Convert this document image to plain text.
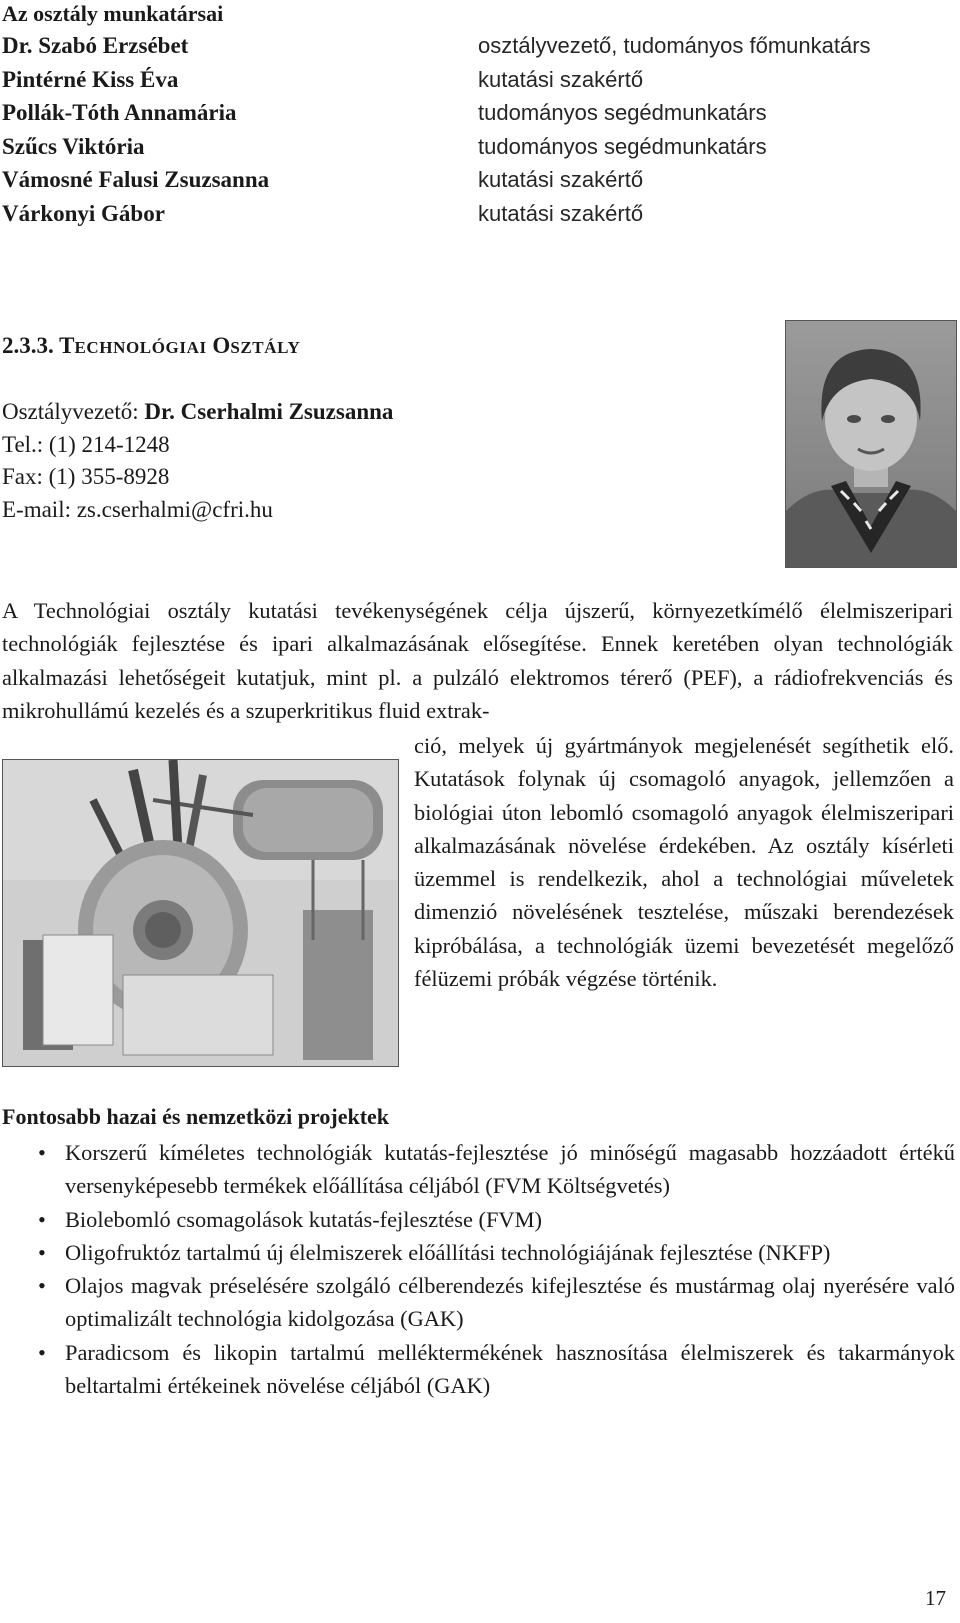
Az osztály munkatársai
Dr. Szabó Erzsébet	osztályvezető, tudományos főmunkatárs
Pintérné Kiss Éva	kutatási szakértő
Pollák-Tóth Annamária	tudományos segédmunkatárs
Szűcs Viktória	tudományos segédmunkatárs
Vámosné Falusi Zsuzsanna	kutatási szakértő
Várkonyi Gábor	kutatási szakértő
2.3.3. TECHNOLÓGIAI OSZTÁLY
Osztályvezető: Dr. Cserhalmi Zsuzsanna
Tel.: (1) 214-1248
Fax: (1) 355-8928
E-mail: zs.cserhalmi@cfri.hu

A Technológiai osztály kutatási tevékenységének célja újszerű, környezetkímélő élelmiszeripari technológiák fejlesztése és ipari alkalmazásának elősegítése. Ennek keretében olyan technológiák alkalmazási lehetőségeit kutatjuk, mint pl. a pulzáló elektromos térerő (PEF), a rádiofrekvenciás és mikrohullámú kezelés és a szuperkritikus fluid extrak-

ció, melyek új gyártmányok megjelenését segíthetik elő. Kutatások folynak új csomagoló anyagok, jellemzően a biológiai úton lebomló csomagoló anyagok élelmiszeripari alkalmazásának növelése érdekében. Az osztály kísérleti üzemmel is rendelkezik, ahol a technológiai műveletek dimenzió növelésének tesztelése, műszaki berendezések kipróbálása, a technológiák üzemi bevezetését megelőző félüzemi próbák végzése történik.

Fontosabb hazai és nemzetközi projektek
• Korszerű kíméletes technológiák kutatás-fejlesztése jó minőségű magasabb hozzáadott értékű versenyképesebb termékek előállítása céljából (FVM Költségvetés)
• Biolebomló csomagolások kutatás-fejlesztése (FVM)
• Oligofruktóz tartalmú új élelmiszerek előállítási technológiájának fejlesztése (NKFP)
• Olajos magvak préselésére szolgáló célberendezés kifejlesztése és mustármag olaj nyerésére való optimalizált technológia kidolgozása (GAK)
• Paradicsom és likopin tartalmú melléktermékének hasznosítása élelmiszerek és takarmányok beltartalmi értékeinek növelése céljából (GAK)
17
